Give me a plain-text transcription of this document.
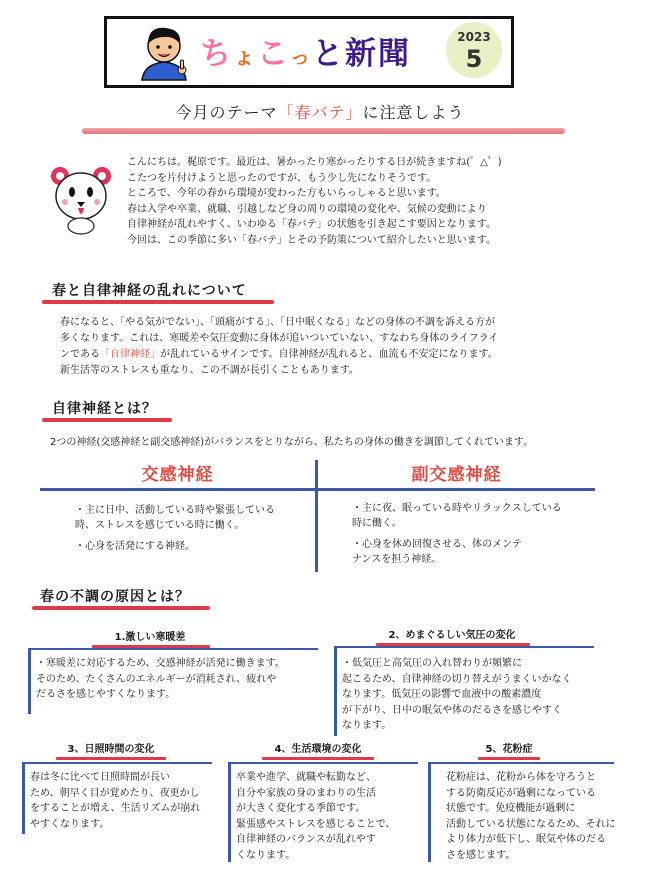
ちょこっと新聞	2023
5
今月のテーマ「春バテ」に注意しよう

こんにちは。梶原です。最近は、暑かったり寒かったりする日が続きますね(゜△゜)

こたつを片付けようと思ったのですが、もう少し先になりそうです。

ところで、今年の春から環境が変わった方もいらっしゃると思います。

春は入学や卒業、就職、引越しなど身の周りの環境の変化や、気候の変動により

自律神経が乱れやすく、いわゆる「春バテ」の状態を引き起こす要因となります。

今回は、この季節に多い「春バテ」とその予防策について紹介したいと思います。

春と自律神経の乱れについて

春になると、「やる気がでない」、「頭痛がする」、「日中眠くなる」などの身体の不調を訴える方が

多くなります。これは、寒暖差や気圧変動に身体が追いついていない、すなわち身体のライフライ

ンである「自律神経」が乱れているサインです。自律神経が乱れると、血流も不安定になります。

新生活等のストレスも重なり、この不調が長引くこともあります。

自律神経とは？
2つの神経(交感神経と副交感神経)がバランスをとりながら、私たちの身体の働きを調節してくれています。
交感神経	副交感神経

・主に日中、活動している時や緊張している

時、ストレスを感じている時に働く。

・心身を活発にする神経。

・主に夜、眠っている時やリラックスしている

時に働く。

・心身を休め回復させる、体のメンテ

ナンスを担う神経。

春の不調の原因とは？
1.激しい寒暖差

・寒暖差に対応するため、交感神経が活発に働きます。

そのため、たくさんのエネルギーが消耗され、疲れや

だるさを感じやすくなります。

2、めまぐるしい気圧の変化

・低気圧と高気圧の入れ替わりが頻繁に

起こるため、自律神経の切り替えがうまくいかなく

なります。低気圧の影響で血液中の酸素濃度

が下がり、日中の眠気や体のだるさを感じやすく

なります。

3、日照時間の変化

春は冬に比べて日照時間が長い

ため、朝早く目が覚めたり、夜更かし

をすることが増え、生活リズムが崩れ

やすくなります。

4、生活環境の変化

卒業や進学、就職や転勤など、

自分や家族の身のまわりの生活

が大きく変化する季節です。

緊張感やストレスを感じることで、

自律神経のバランスが乱れやす

くなります。

5、花粉症

花粉症は、花粉から体を守ろうと

する防衛反応が過剰になっている

状態です。免疫機能が過剰に

活動している状態になるため、それに

より体力が低下し、眠気や体のだる

さを感じます。
